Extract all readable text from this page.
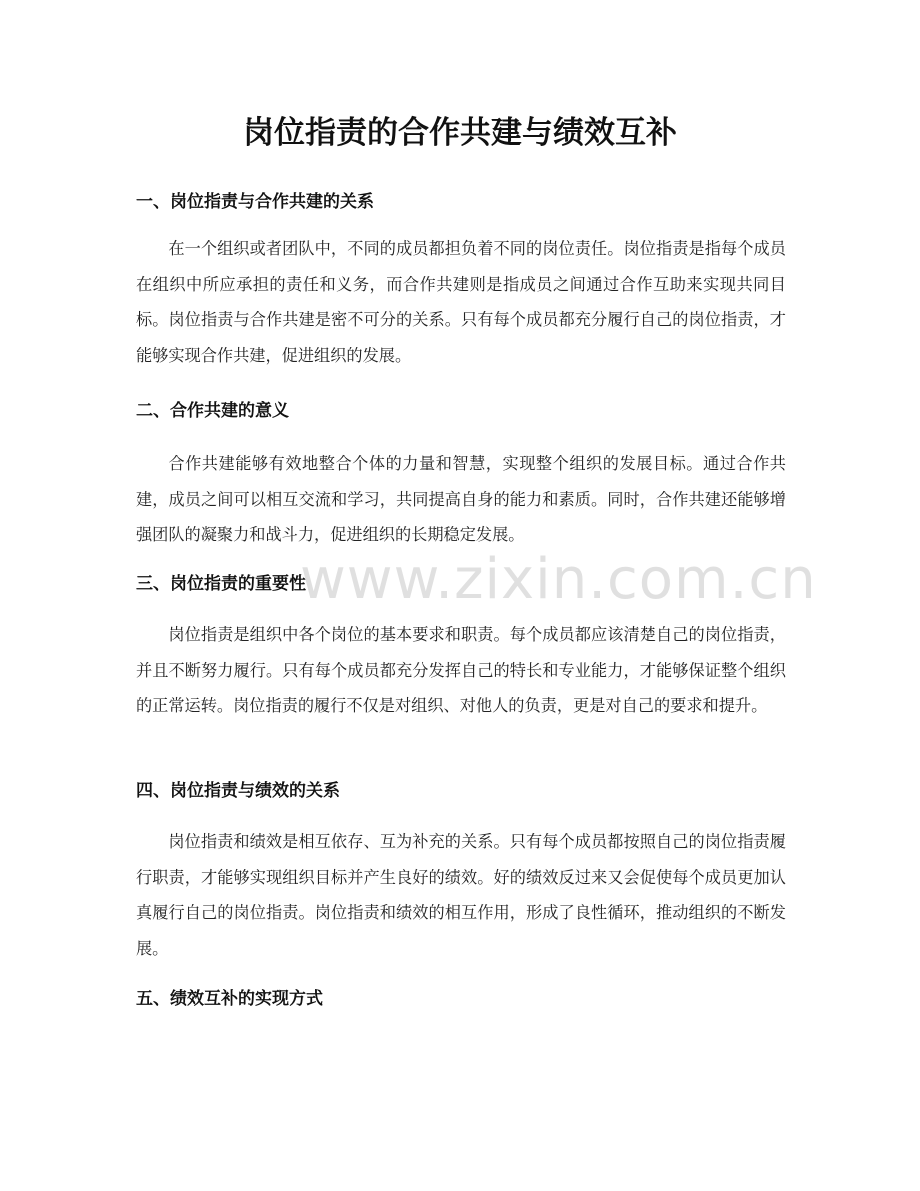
岗位指责的合作共建与绩效互补
一、岗位指责与合作共建的关系

在一个组织或者团队中，不同的成员都担负着不同的岗位责任。岗位指责是指每个成员在组织中所应承担的责任和义务，而合作共建则是指成员之间通过合作互助来实现共同目标。岗位指责与合作共建是密不可分的关系。只有每个成员都充分履行自己的岗位指责，才能够实现合作共建，促进组织的发展。

二、合作共建的意义

合作共建能够有效地整合个体的力量和智慧，实现整个组织的发展目标。通过合作共建，成员之间可以相互交流和学习，共同提高自身的能力和素质。同时，合作共建还能够增强团队的凝聚力和战斗力，促进组织的长期稳定发展。

三、岗位指责的重要性

岗位指责是组织中各个岗位的基本要求和职责。每个成员都应该清楚自己的岗位指责，并且不断努力履行。只有每个成员都充分发挥自己的特长和专业能力，才能够保证整个组织的正常运转。岗位指责的履行不仅是对组织、对他人的负责，更是对自己的要求和提升。

四、岗位指责与绩效的关系

岗位指责和绩效是相互依存、互为补充的关系。只有每个成员都按照自己的岗位指责履行职责，才能够实现组织目标并产生良好的绩效。好的绩效反过来又会促使每个成员更加认真履行自己的岗位指责。岗位指责和绩效的相互作用，形成了良性循环，推动组织的不断发展。

五、绩效互补的实现方式
www.zixin.com.cn
